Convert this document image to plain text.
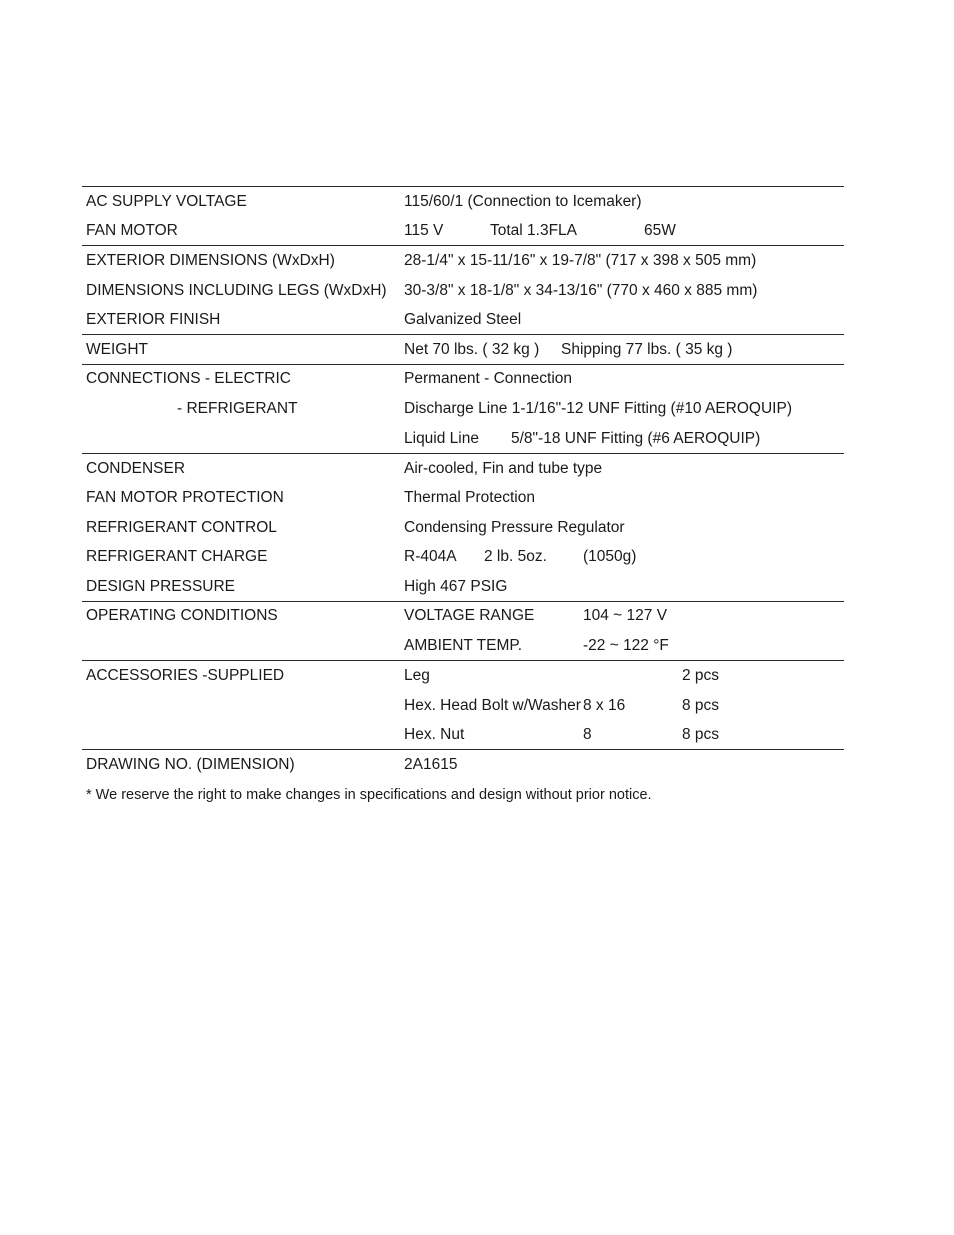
AC SUPPLY VOLTAGE	115/60/1 (Connection to Icemaker)
FAN MOTOR	115 V	Total 1.3FLA	65W
EXTERIOR DIMENSIONS (WxDxH)	28-1/4" x 15-11/16" x 19-7/8" (717 x 398 x 505 mm)
DIMENSIONS INCLUDING LEGS (WxDxH) 30-3/8" x 18-1/8" x 34-13/16" (770 x 460 x 885 mm)
EXTERIOR FINISH	Galvanized Steel
WEIGHT	Net 70 lbs. ( 32 kg ) Shipping 77 lbs. ( 35 kg )
CONNECTIONS - ELECTRIC	Permanent - Connection
- REFRIGERANT	Discharge Line 1-1/16"-12 UNF Fitting (#10 AEROQUIP)
Liquid Line 5/8"-18 UNF Fitting (#6 AEROQUIP)
CONDENSER	Air-cooled, Fin and tube type
FAN MOTOR PROTECTION	Thermal Protection
REFRIGERANT CONTROL	Condensing Pressure Regulator
REFRIGERANT CHARGE	R-404A 2 lb. 5oz. (1050g)
DESIGN PRESSURE	High 467 PSIG
OPERATING CONDITIONS	VOLTAGE RANGE	104 ~ 127 V
AMBIENT TEMP.	-22 ~ 122 °F
ACCESSORIES -SUPPLIED	Leg	2 pcs
Hex. Head Bolt w/Washer 8 x 16	8 pcs
Hex. Nut	8	8 pcs
DRAWING NO. (DIMENSION)	2A1615
* We reserve the right to make changes in specifications and design without prior notice.
